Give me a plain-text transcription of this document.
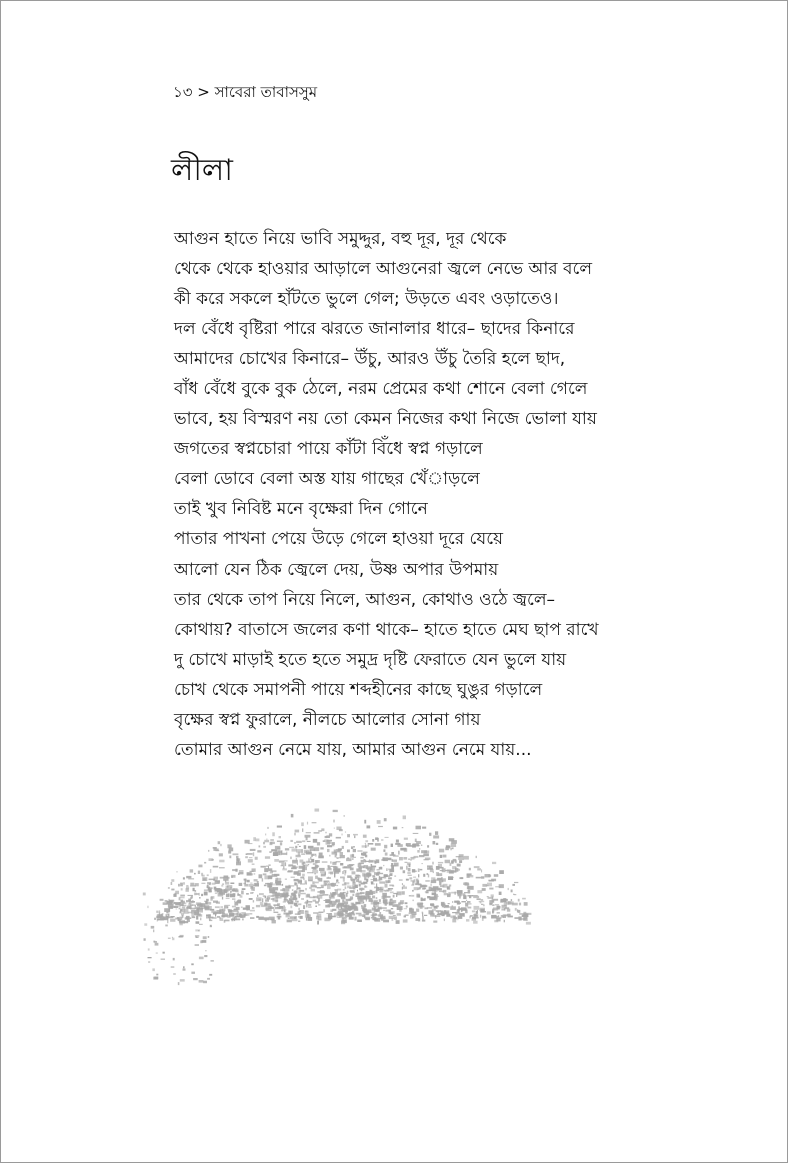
১৩ > সাবেরা তাবাসসুম
লীলা
আগুন হাতে নিয়ে ভাবি সমুদ্দুর, বহু দূর, দূর থেকে
থেকে থেকে হাওয়ার আড়ালে আগুনেরা জ্বলে নেভে আর বলে
কী করে সকলে হাঁটতে ভুলে গেল; উড়তে এবং ওড়াতেও।
দল বেঁধে বৃষ্টিরা পারে ঝরতে জানালার ধারে– ছাদের কিনারে
আমাদের চোখের কিনারে– উঁচু, আরও উঁচু তৈরি হলে ছাদ,
বাঁধ বেঁধে বুকে বুক ঠেলে, নরম প্রেমের কথা শোনে বেলা গেলে
ভাবে, হয় বিস্মরণ নয় তো কেমন নিজের কথা নিজে ভোলা যায়
জগতের স্বপ্নচোরা পায়ে কাঁটা বিঁধে স্বপ্ন গড়ালে
বেলা ডোবে বেলা অস্ত যায় গাছের খেঁাড়লে
তাই খুব নিবিষ্ট মনে বৃক্ষেরা দিন গোনে
পাতার পাখনা পেয়ে উড়ে গেলে হাওয়া দূরে যেয়ে
আলো যেন ঠিক জ্বেলে দেয়, উষ্ণ অপার উপমায়
তার থেকে তাপ নিয়ে নিলে, আগুন, কোথাও ওঠে জ্বলে–
কোথায়? বাতাসে জলের কণা থাকে– হাতে হাতে মেঘ ছাপ রাখে
দু চোখে মাড়াই হতে হতে সমুদ্র দৃষ্টি ফেরাতে যেন ভুলে যায়
চোখ থেকে সমাপনী পায়ে শব্দহীনের কাছে ঘুঙুর গড়ালে
বৃক্ষের স্বপ্ন ফুরালে, নীলচে আলোর সোনা গায়
তোমার আগুন নেমে যায়, আমার আগুন নেমে যায়...
